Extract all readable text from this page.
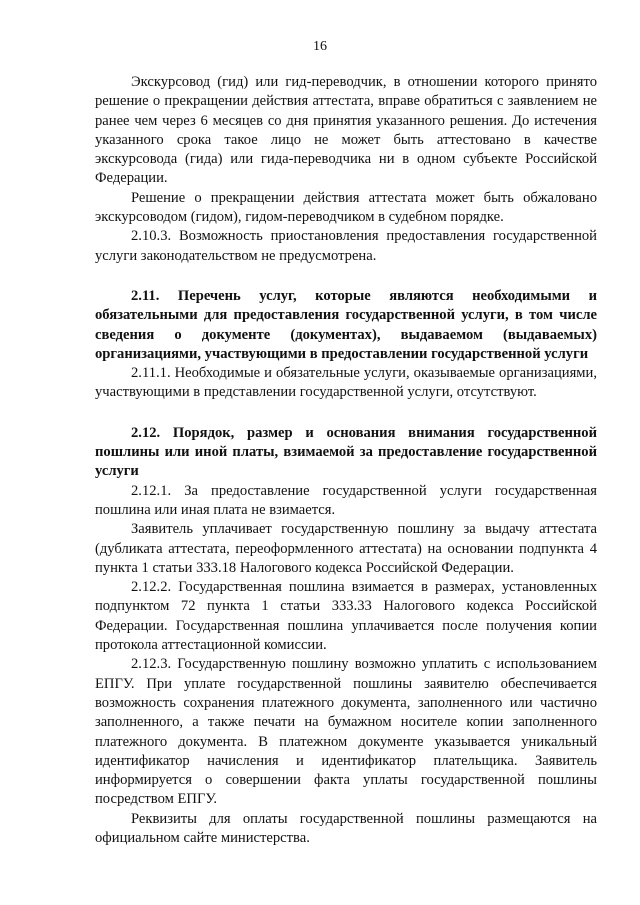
16

Экскурсовод (гид) или гид-переводчик, в отношении которого принято решение о прекращении действия аттестата, вправе обратиться с заявлением не ранее чем через 6 месяцев со дня принятия указанного решения. До истечения указанного срока такое лицо не может быть аттестовано в качестве экскурсовода (гида) или гида-переводчика ни в одном субъекте Российской Федерации.

Решение о прекращении действия аттестата может быть обжаловано экскурсоводом (гидом), гидом-переводчиком в судебном порядке.

2.10.3. Возможность приостановления предоставления государственной услуги законодательством не предусмотрена.

2.11. Перечень услуг, которые являются необходимыми и обязательными для предоставления государственной услуги, в том числе сведения о документе (документах), выдаваемом (выдаваемых) организациями, участвующими в предоставлении государственной услуги

2.11.1. Необходимые и обязательные услуги, оказываемые организациями, участвующими в представлении государственной услуги, отсутствуют.

2.12. Порядок, размер и основания внимания государственной пошлины или иной платы, взимаемой за предоставление государственной услуги

2.12.1. За предоставление государственной услуги государственная пошлина или иная плата не взимается.

Заявитель уплачивает государственную пошлину за выдачу аттестата (дубликата аттестата, переоформленного аттестата) на основании подпункта 4 пункта 1 статьи 333.18 Налогового кодекса Российской Федерации.

2.12.2. Государственная пошлина взимается в размерах, установленных подпунктом 72 пункта 1 статьи 333.33 Налогового кодекса Российской Федерации. Государственная пошлина уплачивается после получения копии протокола аттестационной комиссии.

2.12.3. Государственную пошлину возможно уплатить с использованием ЕПГУ. При уплате государственной пошлины заявителю обеспечивается возможность сохранения платежного документа, заполненного или частично заполненного, а также печати на бумажном носителе копии заполненного платежного документа. В платежном документе указывается уникальный идентификатор начисления и идентификатор плательщика. Заявитель информируется о совершении факта уплаты государственной пошлины посредством ЕПГУ.

Реквизиты для оплаты государственной пошлины размещаются на официальном сайте министерства.
